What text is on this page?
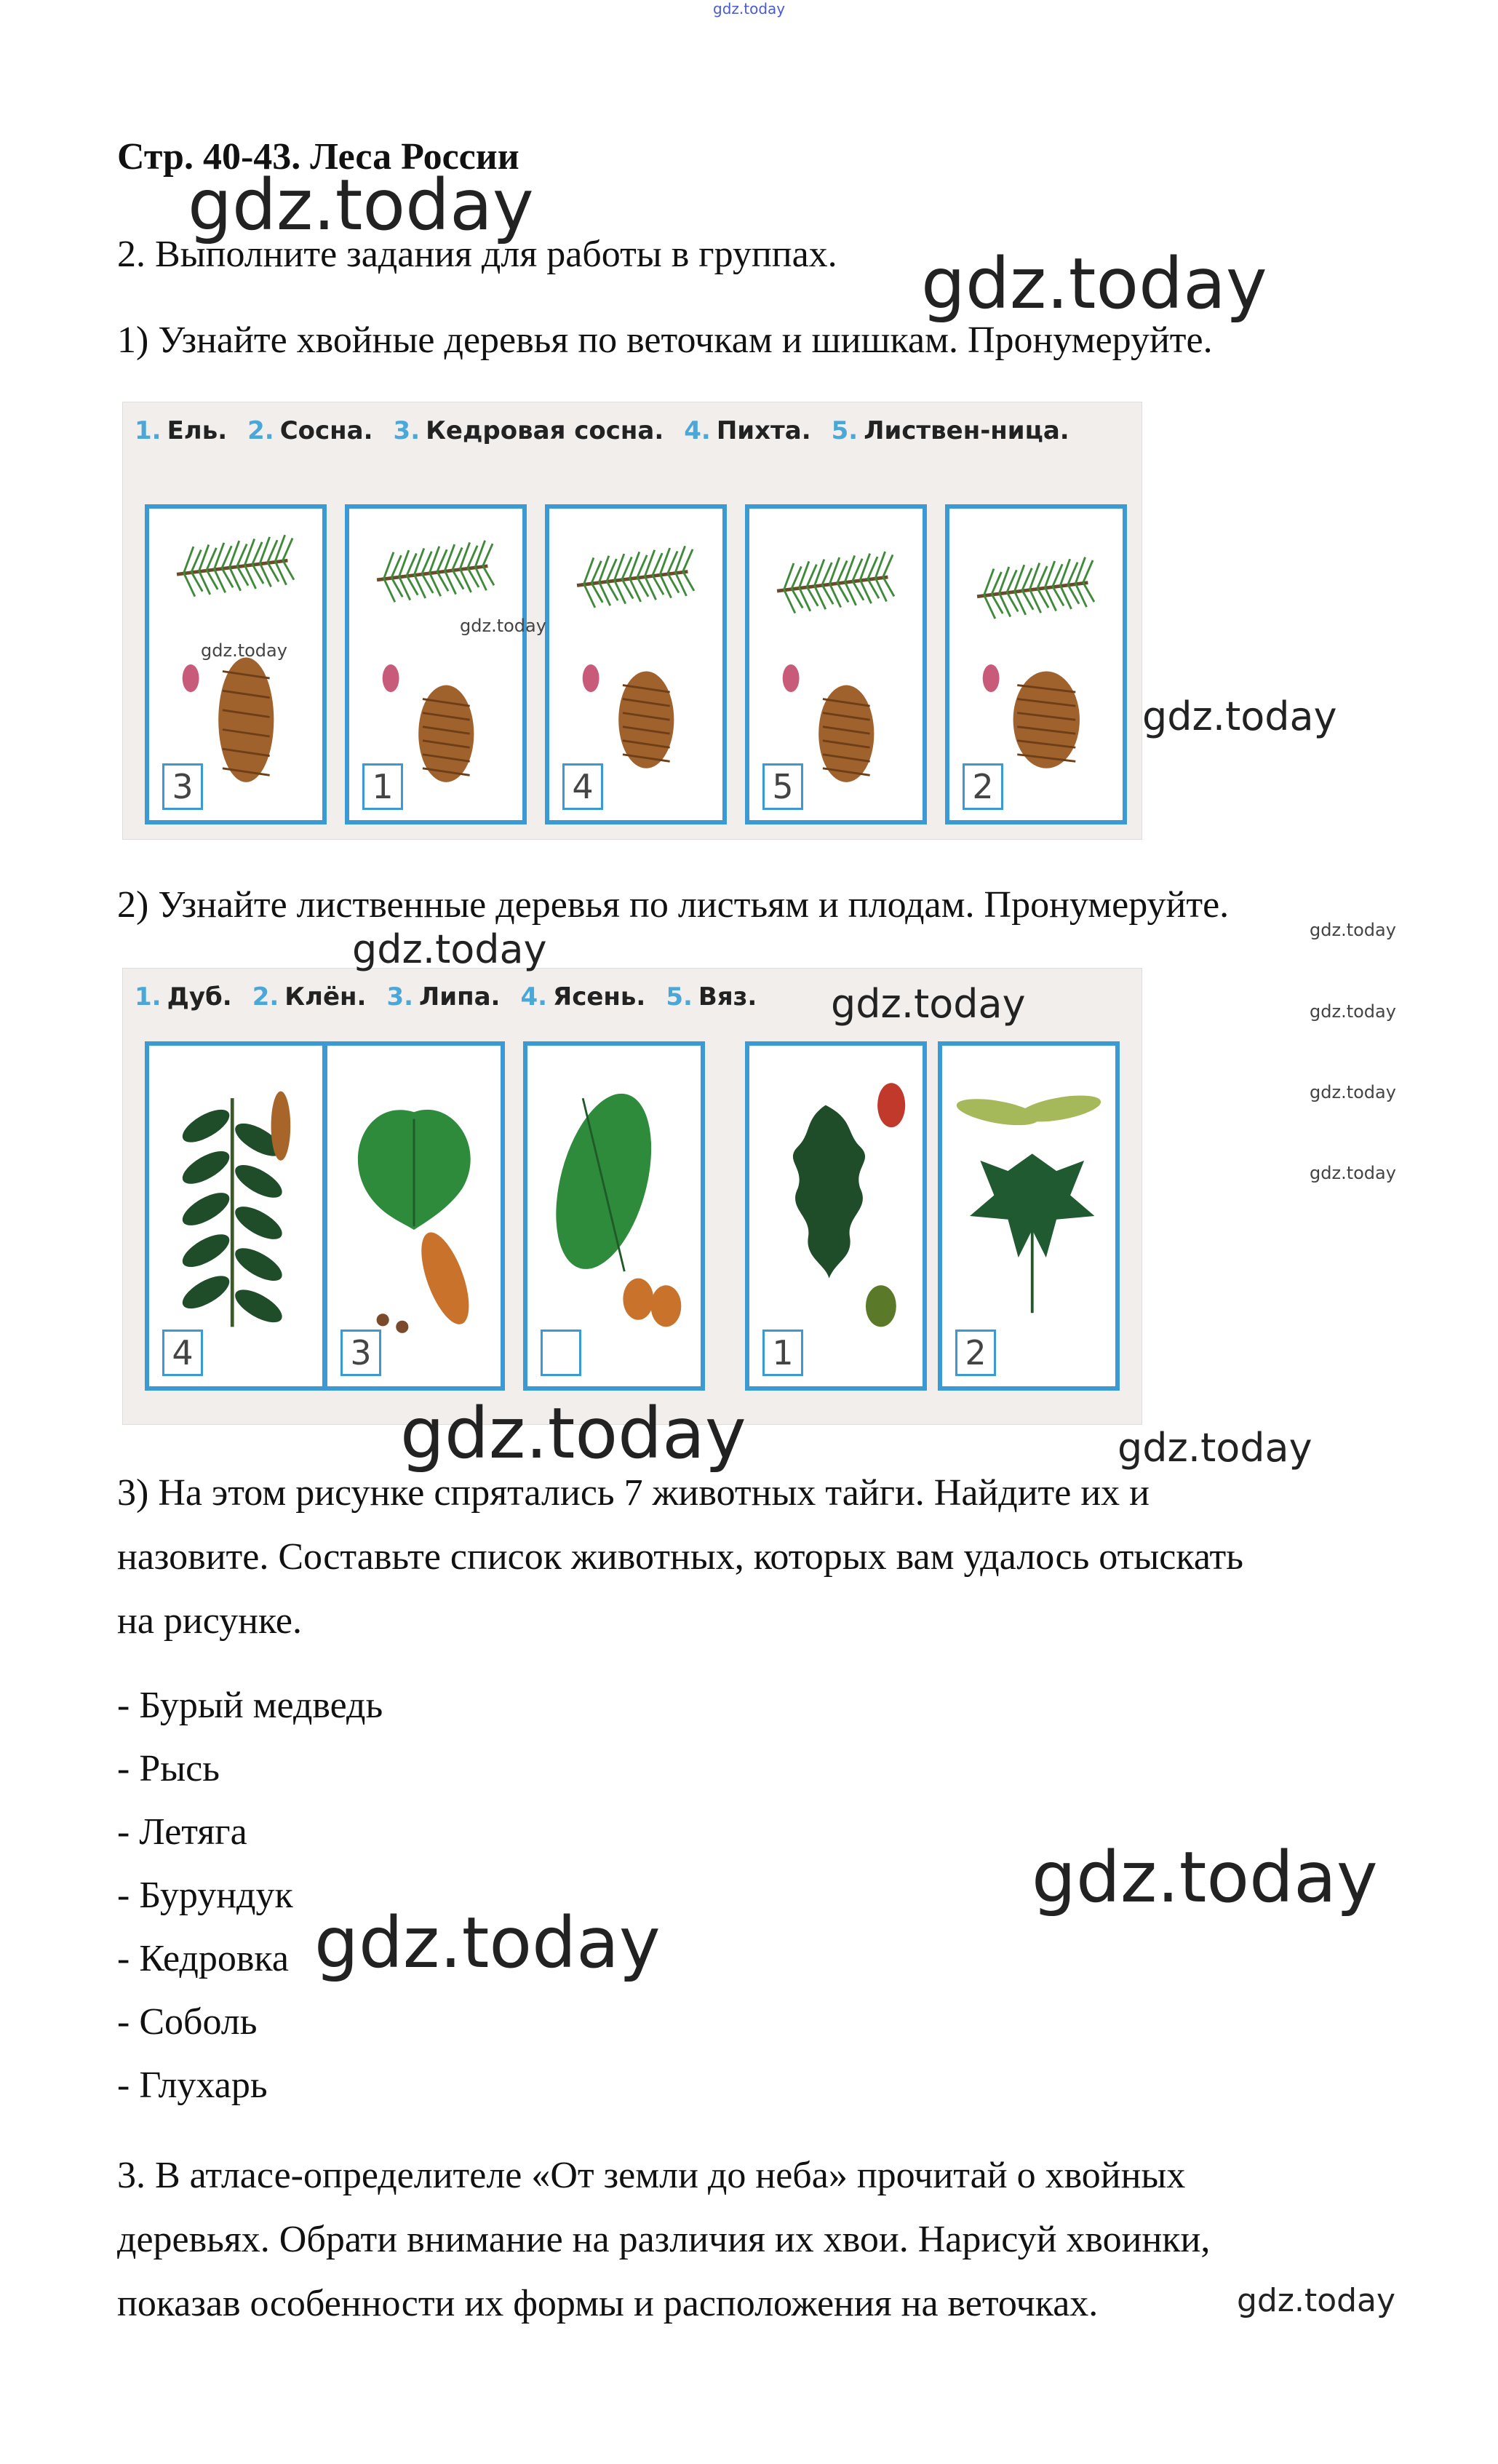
gdz.today
Стр. 40-43. Леса России
2. Выполните задания для работы в группах.
1) Узнайте хвойные деревья по веточкам и шишкам. Пронумеруйте.
1. Ель. 2. Сосна. 3. Кедровая сосна. 4. Пихта. 5. Листвен-ница.
3	1	4	5	2
2) Узнайте лиственные деревья по листьям и плодам. Пронумеруйте.
1. Дуб. 2. Клён. 3. Липа. 4. Ясень. 5. Вяз.
4	3	1	2
3) На этом рисунке спрятались 7 животных тайги. Найдите их и
назовите. Составьте список животных, которых вам удалось отыскать
на рисунке.
- Бурый медведь
- Рысь
- Летяга
- Бурундук
- Кедровка
- Соболь
- Глухарь
3. В атласе-определителе «От земли до неба» прочитай о хвойных
деревьях. Обрати внимание на различия их хвои. Нарисуй хвоинки,
показав особенности их формы и расположения на веточках.
gdz.today
gdz.today
gdz.today
gdz.today
gdz.today
gdz.today
gdz.today
gdz.today
gdz.today
gdz.today
gdz.today
gdz.today	gdz.today
gdz.today
gdz.today
gdz.today
